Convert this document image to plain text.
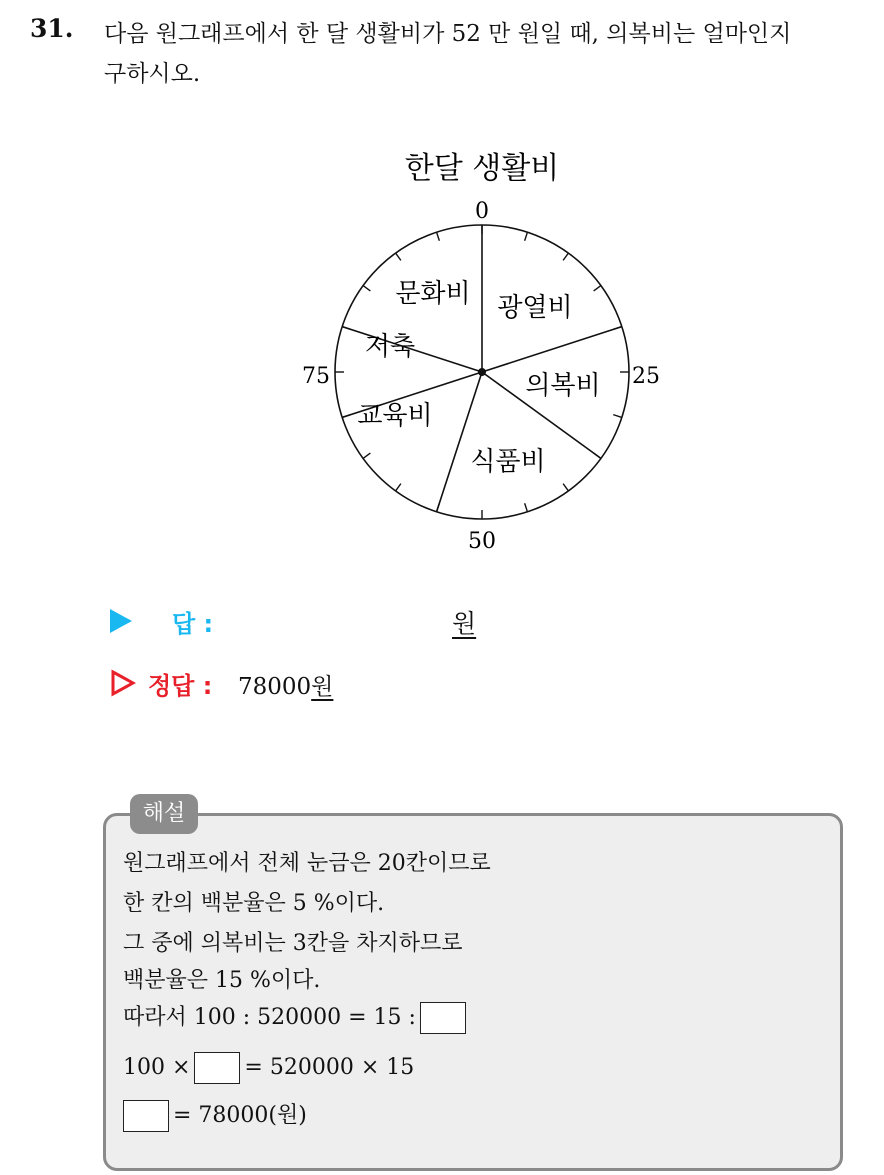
31. 다음 원그래프에서 한 달 생활비가 52 만 원일 때, 의복비는 얼마인지
구하시오.
한달 생활비
0
25
50
75
광열비
의복비
식품비
교육비
저축
문화비
답 :	원
정답 : 78000원
해설
원그래프에서 전체 눈금은 20칸이므로
한 칸의 백분율은 5 %이다.
그 중에 의복비는 3칸을 차지하므로
백분율은 15 %이다.
따라서 100 : 520000 = 15 :
100 × = 520000 × 15
= 78000(원)
